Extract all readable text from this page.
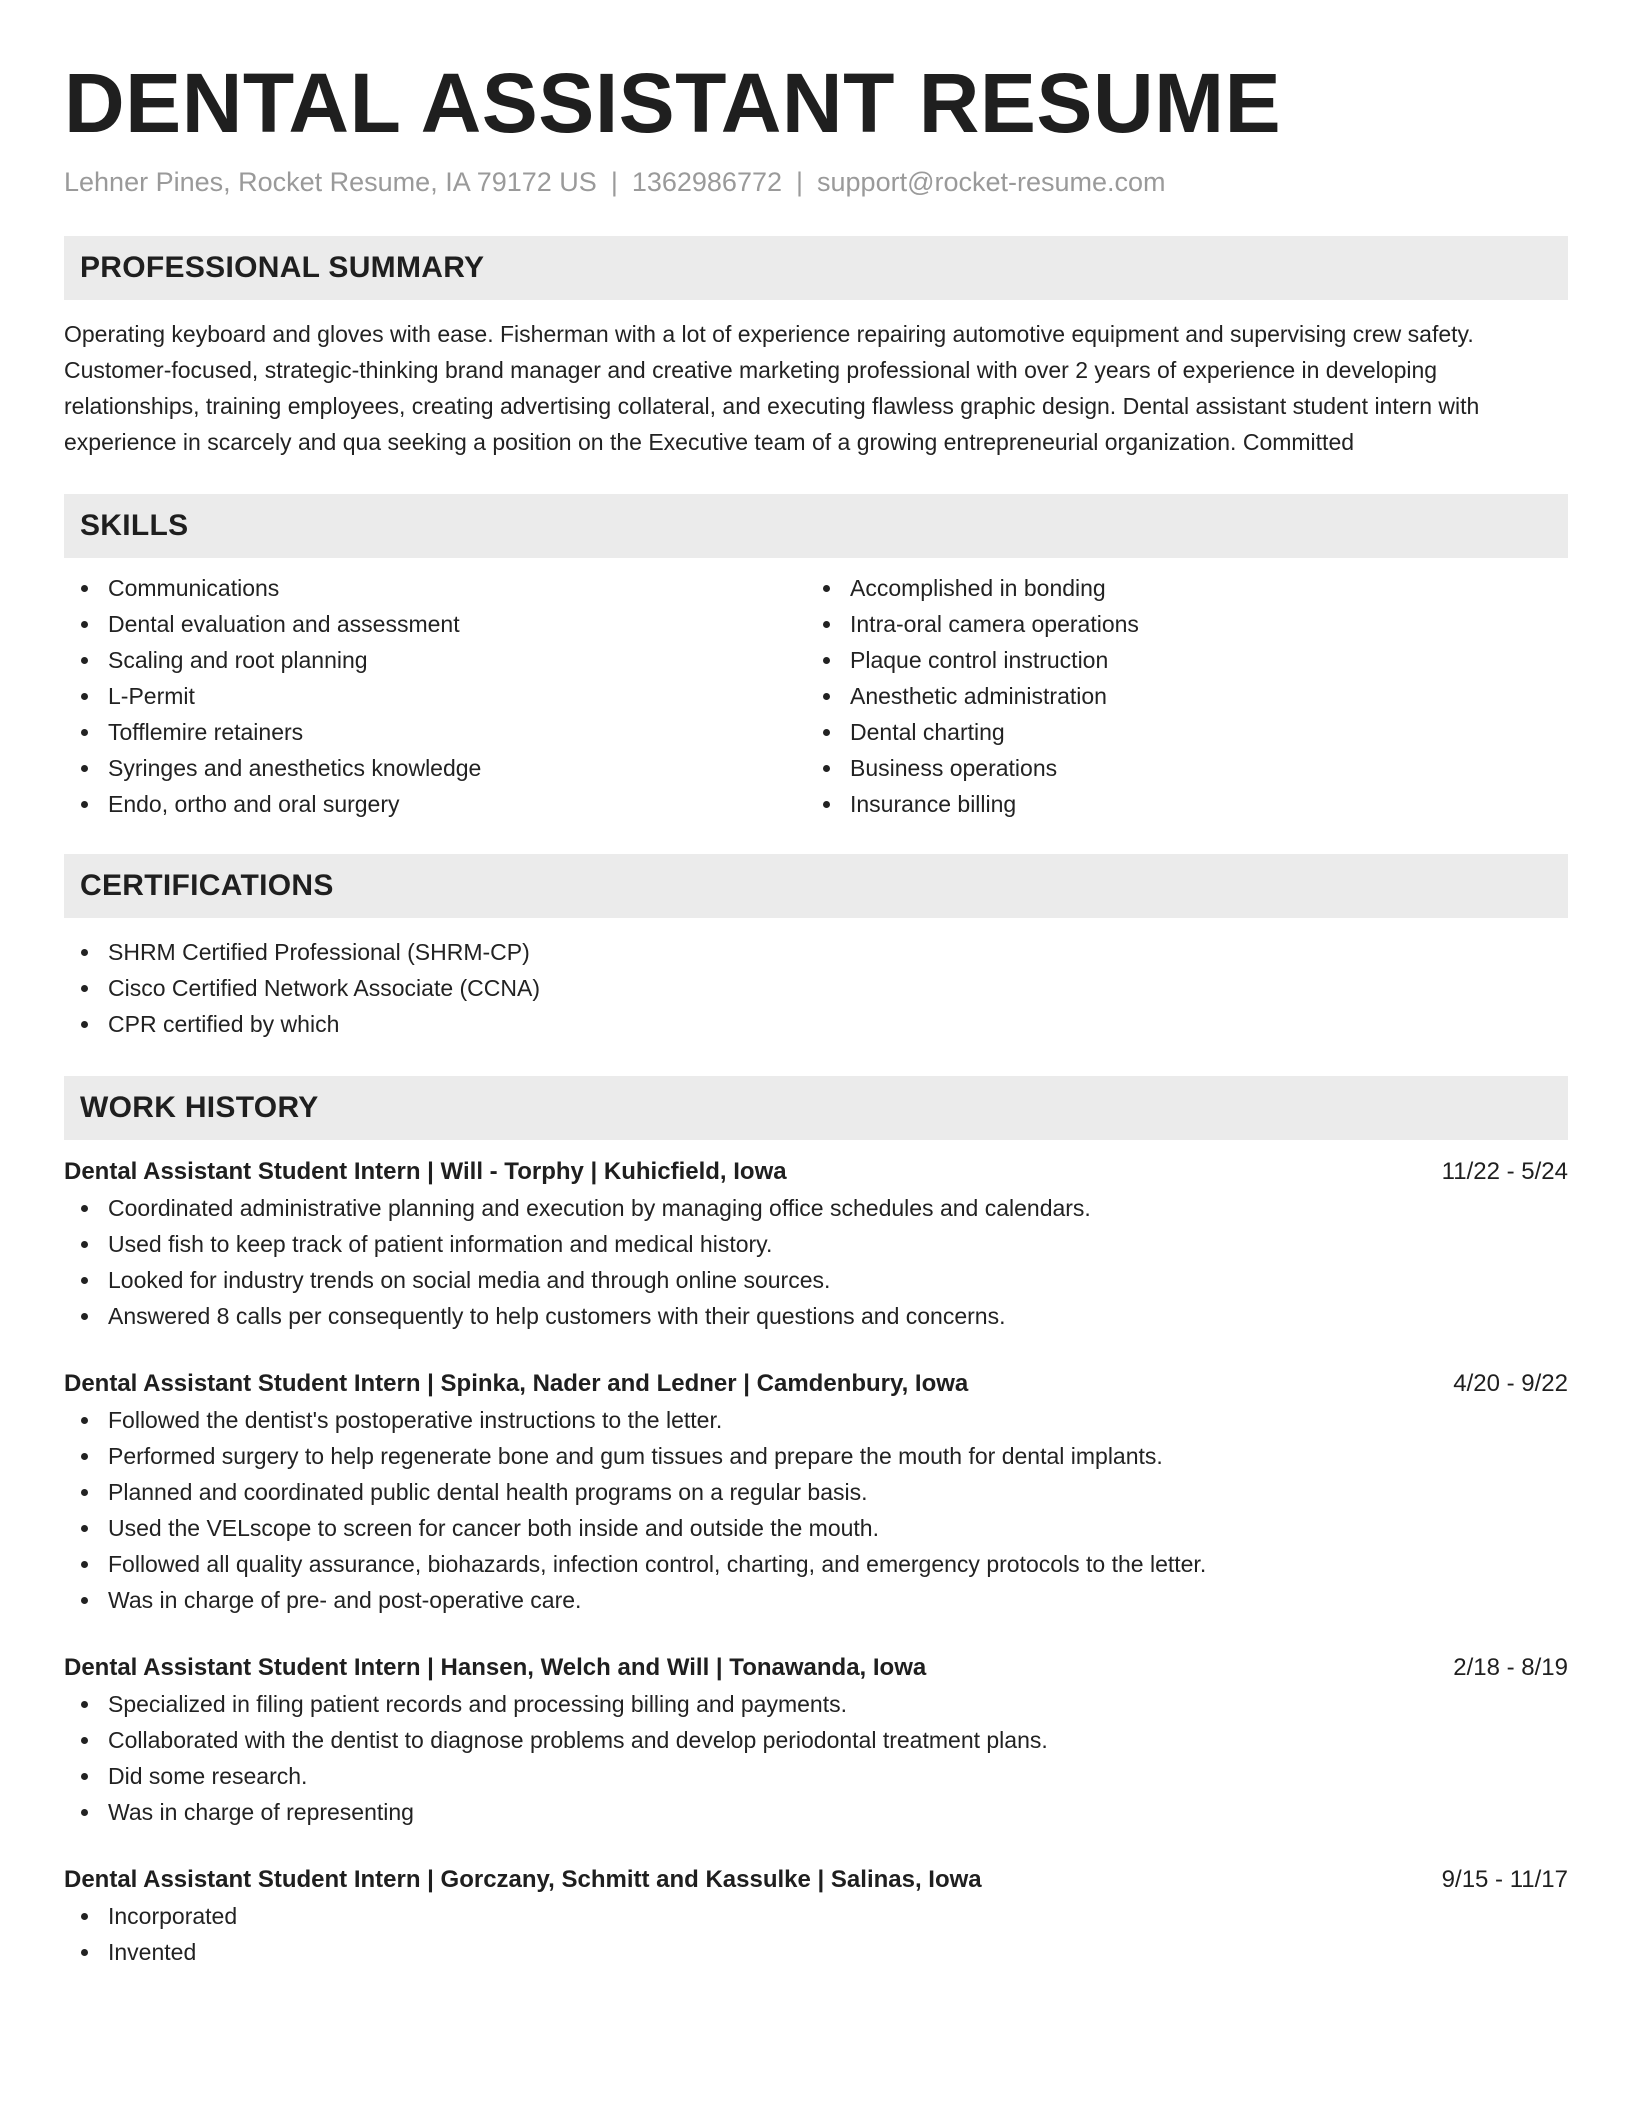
DENTAL ASSISTANT RESUME
Lehner Pines, Rocket Resume, IA 79172 US | 1362986772 | support@rocket-resume.com
PROFESSIONAL SUMMARY

Operating keyboard and gloves with ease. Fisherman with a lot of experience repairing automotive equipment and supervising crew safety. Customer-focused, strategic-thinking brand manager and creative marketing professional with over 2 years of experience in developing relationships, training employees, creating advertising collateral, and executing flawless graphic design. Dental assistant student intern with experience in scarcely and qua seeking a position on the Executive team of a growing entrepreneurial organization. Committed

SKILLS
Communications
Dental evaluation and assessment
Scaling and root planning
L-Permit
Tofflemire retainers
Syringes and anesthetics knowledge
Endo, ortho and oral surgery
Accomplished in bonding
Intra-oral camera operations
Plaque control instruction
Anesthetic administration
Dental charting
Business operations
Insurance billing
CERTIFICATIONS
SHRM Certified Professional (SHRM-CP)
Cisco Certified Network Associate (CCNA)
CPR certified by which
WORK HISTORY
Dental Assistant Student Intern | Will - Torphy | Kuhicfield, Iowa	11/22 - 5/24
Coordinated administrative planning and execution by managing office schedules and calendars.
Used fish to keep track of patient information and medical history.
Looked for industry trends on social media and through online sources.
Answered 8 calls per consequently to help customers with their questions and concerns.
Dental Assistant Student Intern | Spinka, Nader and Ledner | Camdenbury, Iowa	4/20 - 9/22
Followed the dentist's postoperative instructions to the letter.
Performed surgery to help regenerate bone and gum tissues and prepare the mouth for dental implants.
Planned and coordinated public dental health programs on a regular basis.
Used the VELscope to screen for cancer both inside and outside the mouth.
Followed all quality assurance, biohazards, infection control, charting, and emergency protocols to the letter.
Was in charge of pre- and post-operative care.
Dental Assistant Student Intern | Hansen, Welch and Will | Tonawanda, Iowa	2/18 - 8/19
Specialized in filing patient records and processing billing and payments.
Collaborated with the dentist to diagnose problems and develop periodontal treatment plans.
Did some research.
Was in charge of representing
Dental Assistant Student Intern | Gorczany, Schmitt and Kassulke | Salinas, Iowa	9/15 - 11/17
Incorporated
Invented
